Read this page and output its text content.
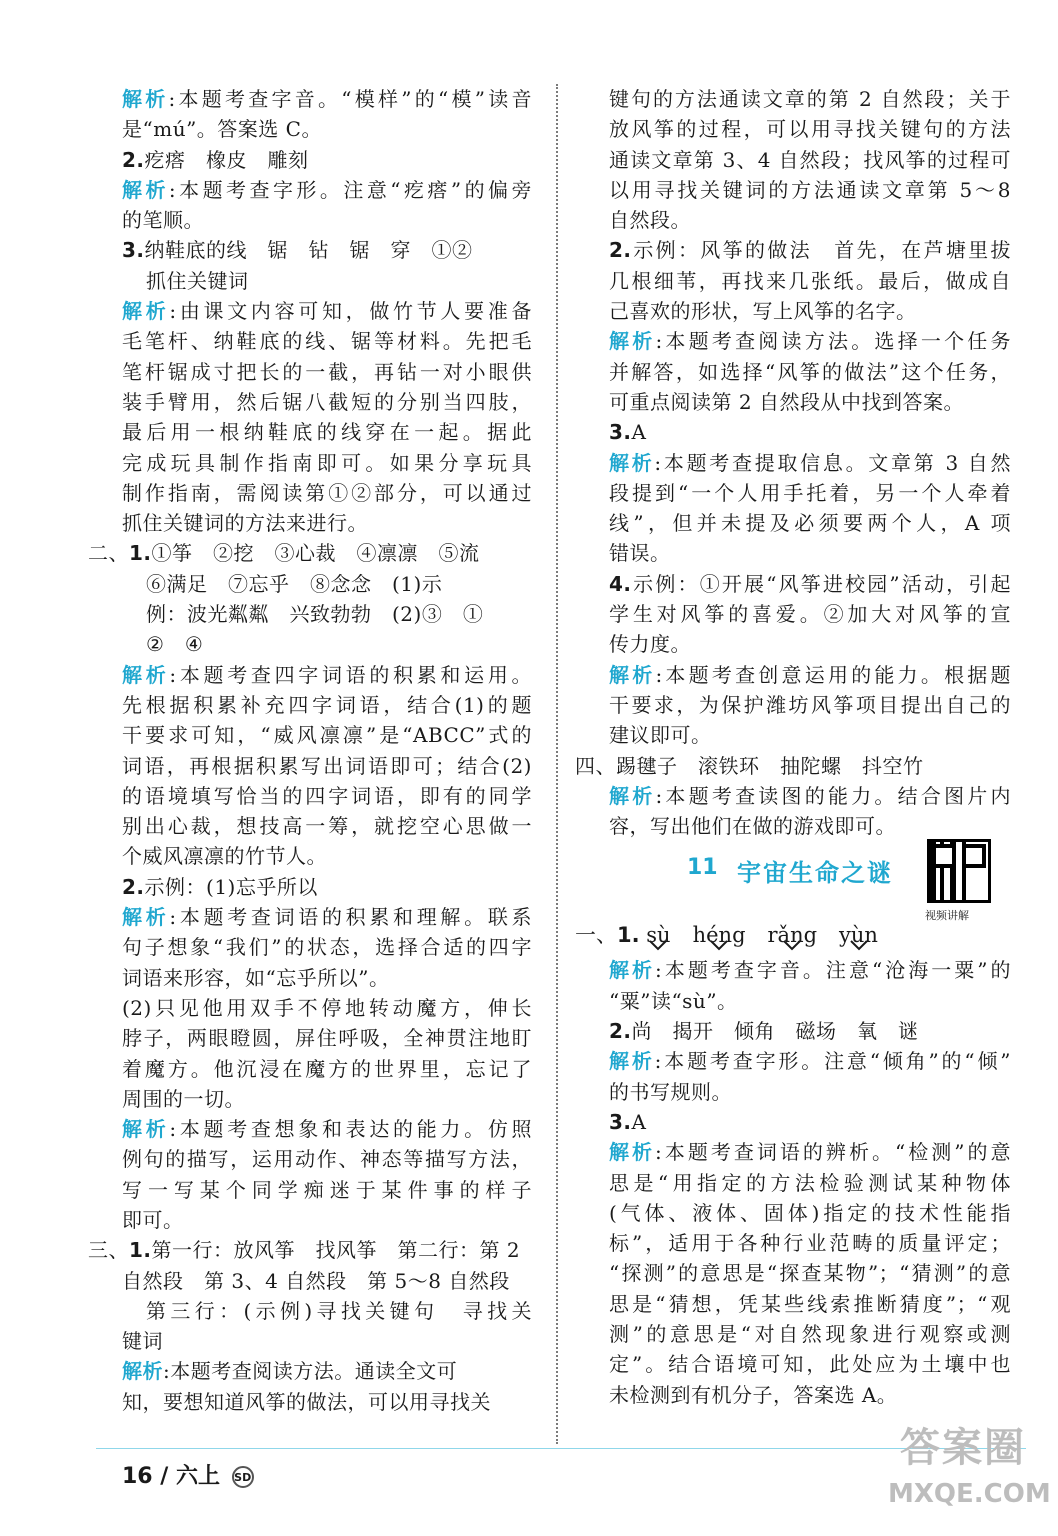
解析:本题考查字音。“模样”的“模”读音
是“mú”。答案选 C。
2.疙瘩　橡皮　雕刻
解析:本题考查字形。注意“疙瘩”的偏旁
的笔顺。
3.纳鞋底的线　锯　钻　锯　穿　①②
抓住关键词
解析:由课文内容可知，做竹节人要准备
毛笔杆、纳鞋底的线、锯等材料。先把毛
笔杆锯成寸把长的一截，再钻一对小眼供
装手臂用，然后锯八截短的分别当四肢，
最后用一根纳鞋底的线穿在一起。据此
完成玩具制作指南即可。如果分享玩具
制作指南，需阅读第①②部分，可以通过
抓住关键词的方法来进行。
二、1.①筝　②挖　③心裁　④凛凛　⑤流
⑥满足　⑦忘乎　⑧念念　(1)示
例：波光粼粼　兴致勃勃　(2)③　①
②　④
解析:本题考查四字词语的积累和运用。
先根据积累补充四字词语，结合(1)的题
干要求可知，“威风凛凛”是“ABCC”式的
词语，再根据积累写出词语即可；结合(2)
的语境填写恰当的四字词语，即有的同学
别出心裁，想技高一筹，就挖空心思做一
个威风凛凛的竹节人。
2.示例：(1)忘乎所以
解析:本题考查词语的积累和理解。联系
句子想象“我们”的状态，选择合适的四字
词语来形容，如“忘乎所以”。
(2)只见他用双手不停地转动魔方，伸长
脖子，两眼瞪圆，屏住呼吸，全神贯注地盯
着魔方。他沉浸在魔方的世界里，忘记了
周围的一切。
解析:本题考查想象和表达的能力。仿照
例句的描写，运用动作、神态等描写方法，
写一写某个同学痴迷于某件事的样子
即可。
三、1.第一行：放风筝　找风筝　第二行：第 2
自然段　第 3、4 自然段　第 5～8 自然段
第三行：(示例)寻找关键句　寻找关
键词
解析:本题考查阅读方法。通读全文可
知，要想知道风筝的做法，可以用寻找关
键句的方法通读文章的第 2 自然段；关于
放风筝的过程，可以用寻找关键句的方法
通读文章第 3、4 自然段；找风筝的过程可
以用寻找关键词的方法通读文章第 5～8
自然段。
2.示例：风筝的做法　首先，在芦塘里拔
几根细苇，再找来几张纸。最后，做成自
己喜欢的形状，写上风筝的名字。
解析:本题考查阅读方法。选择一个任务
并解答，如选择“风筝的做法”这个任务，
可重点阅读第 2 自然段从中找到答案。
3.A
解析:本题考查提取信息。文章第 3 自然
段提到“一个人用手托着，另一个人牵着
线”，但并未提及必须要两个人，A 项
错误。
4.示例：①开展“风筝进校园”活动，引起
学生对风筝的喜爱。②加大对风筝的宣
传力度。
解析:本题考查创意运用的能力。根据题
干要求，为保护潍坊风筝项目提出自己的
建议即可。
四、踢毽子　滚铁环　抽陀螺　抖空竹
解析:本题考查读图的能力。结合图片内
容，写出他们在做的游戏即可。
11 宇宙生命之谜
视频讲解
一、1. sù héng rǎng yùn
解析:本题考查字音。注意“沧海一粟”的
“粟”读“sù”。
2.尚　揭开　倾角　磁场　氧　谜
解析:本题考查字形。注意“倾角”的“倾”
的书写规则。
3.A
解析:本题考查词语的辨析。“检测”的意
思是“用指定的方法检验测试某种物体
(气体、液体、固体)指定的技术性能指
标”，适用于各种行业范畴的质量评定；
“探测”的意思是“探查某物”；“猜测”的意
思是“猜想，凭某些线索推断猜度”；“观
测”的意思是“对自然现象进行观察或测
定”。结合语境可知，此处应为土壤中也
未检测到有机分子，答案选 A。
16 / 六上 SD
答案圈
MXQE.COM
